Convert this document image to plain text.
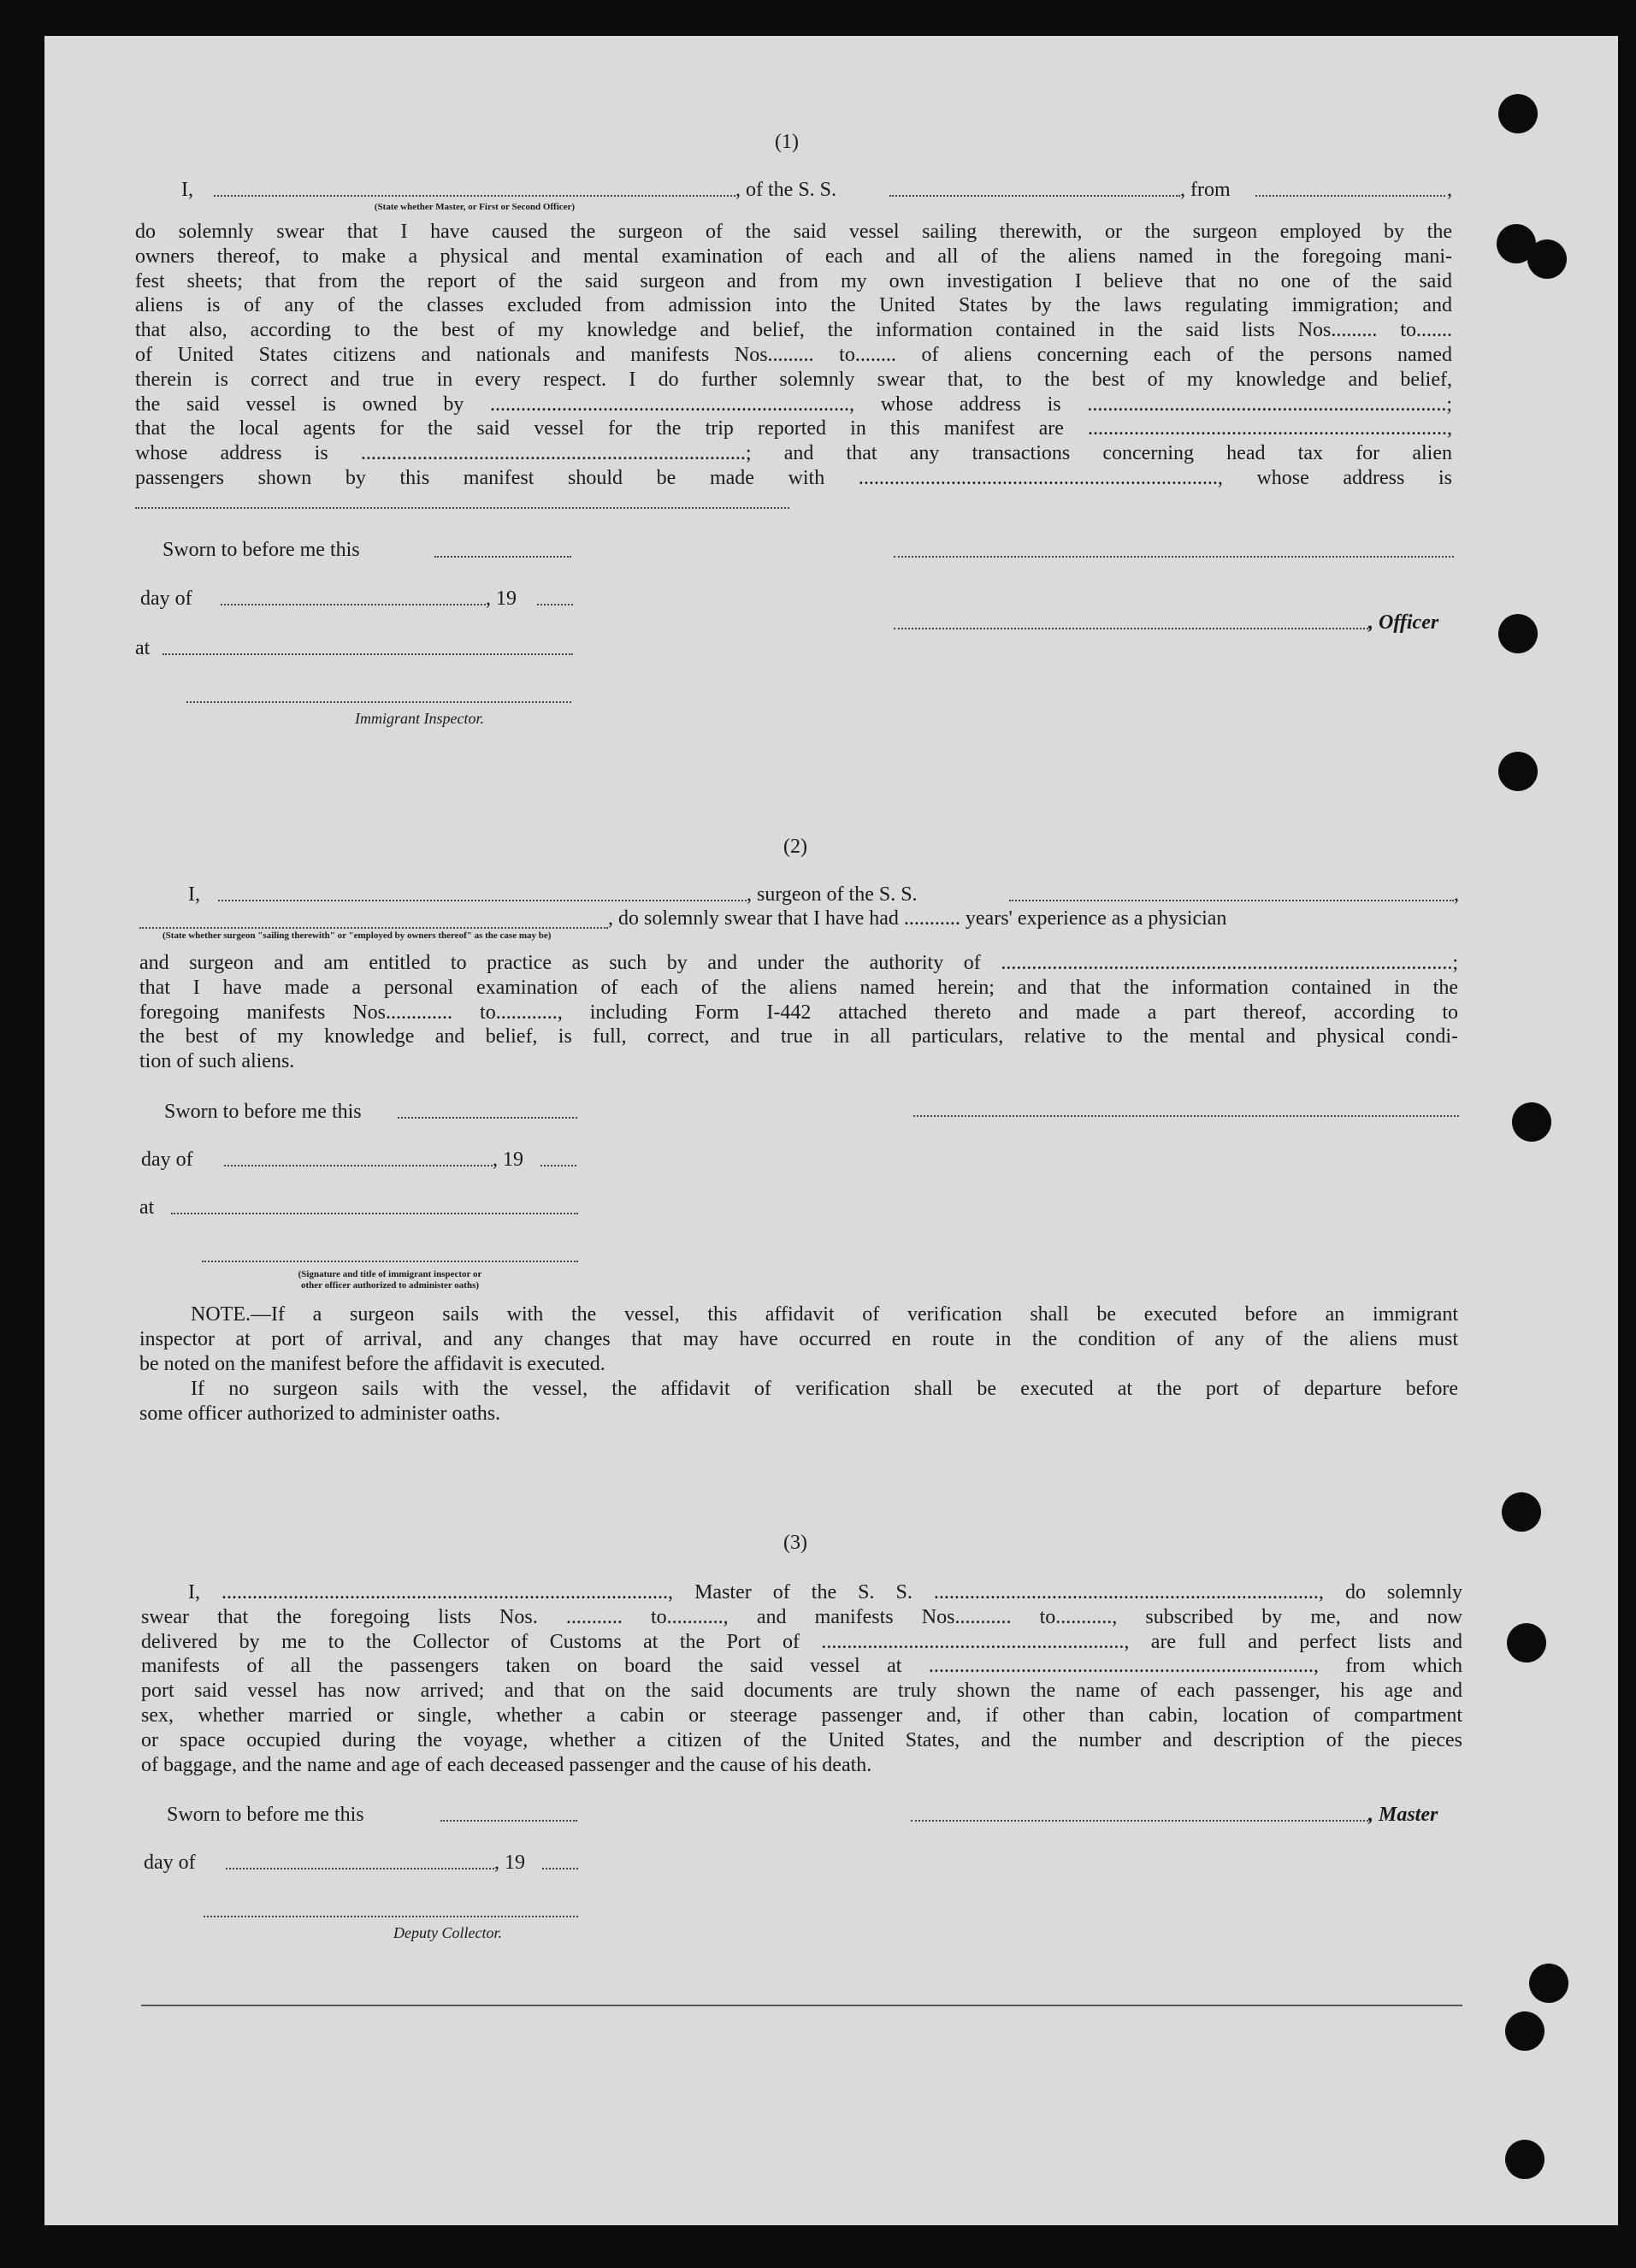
(1)
I,	, of the S. S.	, from	,
(State whether Master, or First or Second Officer)
do solemnly swear that I have caused the surgeon of the said vessel sailing therewith, or the surgeon employed by the
owners thereof, to make a physical and mental examination of each and all of the aliens named in the foregoing mani-
fest sheets; that from the report of the said surgeon and from my own investigation I believe that no one of the said
aliens is of any of the classes excluded from admission into the United States by the laws regulating immigration; and
that also, according to the best of my knowledge and belief, the information contained in the said lists Nos......... to.......
of United States citizens and nationals and manifests Nos......... to........ of aliens concerning each of the persons named
therein is correct and true in every respect. I do further solemnly swear that, to the best of my knowledge and belief,
the said vessel is owned by ......................................................................, whose address is ......................................................................;
that the local agents for the said vessel for the trip reported in this manifest are ......................................................................,
whose address is ...........................................................................; and that any transactions concerning head tax for alien
passengers shown by this manifest should be made with ......................................................................, whose address is
Sworn to before me this
day of	, 19
, Officer
at
Immigrant Inspector.
(2)
I,	, surgeon of the S. S.	,
, do solemnly swear that I have had ........... years' experience as a physician
(State whether surgeon "sailing therewith" or "employed by owners thereof" as the case may be)
and surgeon and am entitled to practice as such by and under the authority of ........................................................................................;
that I have made a personal examination of each of the aliens named herein; and that the information contained in the
foregoing manifests Nos............. to............, including Form I-442 attached thereto and made a part thereof, according to
the best of my knowledge and belief, is full, correct, and true in all particulars, relative to the mental and physical condi-
tion of such aliens.
Sworn to before me this
day of	, 19
at
(Signature and title of immigrant inspector or
other officer authorized to administer oaths)
NOTE.—If a surgeon sails with the vessel, this affidavit of verification shall be executed before an immigrant
inspector at port of arrival, and any changes that may have occurred en route in the condition of any of the aliens must
be noted on the manifest before the affidavit is executed.
If no surgeon sails with the vessel, the affidavit of verification shall be executed at the port of departure before
some officer authorized to administer oaths.
(3)
I, ......................................................................................., Master of the S. S. ..........................................................................., do solemnly
swear that the foregoing lists Nos. ........... to..........., and manifests Nos........... to..........., subscribed by me, and now
delivered by me to the Collector of Customs at the Port of ..........................................................., are full and perfect lists and
manifests of all the passengers taken on board the said vessel at ..........................................................................., from which
port said vessel has now arrived; and that on the said documents are truly shown the name of each passenger, his age and
sex, whether married or single, whether a cabin or steerage passenger and, if other than cabin, location of compartment
or space occupied during the voyage, whether a citizen of the United States, and the number and description of the pieces
of baggage, and the name and age of each deceased passenger and the cause of his death.
Sworn to before me this	, Master
day of	, 19
Deputy Collector.
